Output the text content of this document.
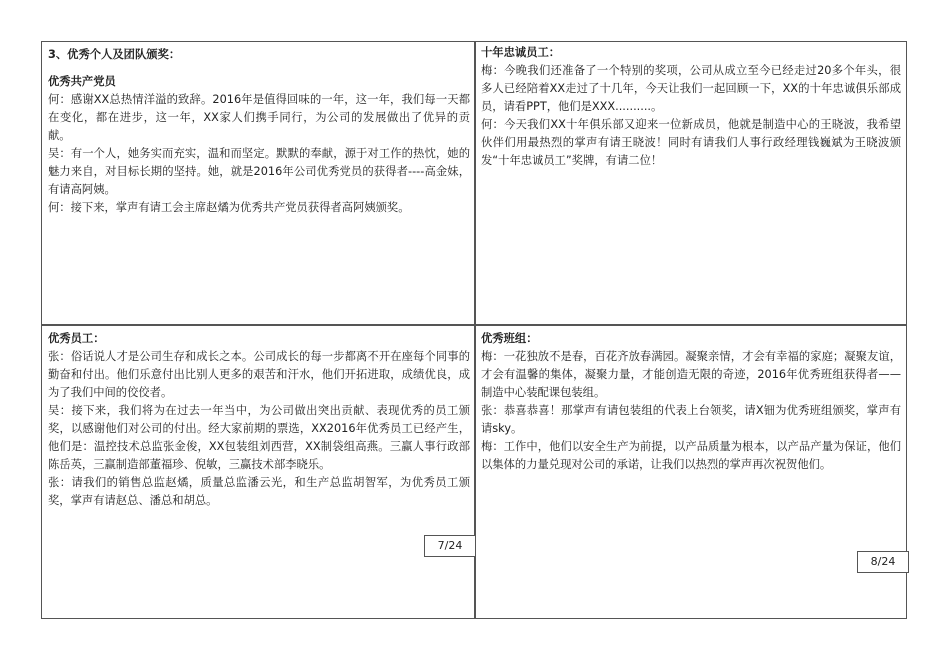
3、优秀个人及团队颁奖：

优秀共产党员

何：感谢XX总热情洋溢的致辞。2016年是值得回味的一年，这一年，我们每一天都在变化，都在进步，这一年，XX家人们携手同行，为公司的发展做出了优异的贡献。

吴：有一个人，她务实而充实，温和而坚定。默默的奉献，源于对工作的热忱，她的魅力来自，对目标长期的坚持。她，就是2016年公司优秀党员的获得者----高金妹，有请高阿姨。

何：接下来，掌声有请工会主席赵燏为优秀共产党员获得者高阿姨颁奖。

十年忠诚员工：

梅：今晚我们还准备了一个特别的奖项，公司从成立至今已经走过20多个年头，很多人已经陪着XX走过了十几年，今天让我们一起回顾一下，XX的十年忠诚俱乐部成员，请看PPT，他们是XXX..........。

何：今天我们XX十年俱乐部又迎来一位新成员，他就是制造中心的王晓波，我希望伙伴们用最热烈的掌声有请王晓波！同时有请我们人事行政经理钱巍斌为王晓波颁发“十年忠诚员工”奖牌，有请二位！

优秀员工：

张：俗话说人才是公司生存和成长之本。公司成长的每一步都离不开在座每个同事的勤奋和付出。他们乐意付出比别人更多的艰苦和汗水，他们开拓进取，成绩优良，成为了我们中间的佼佼者。

吴：接下来，我们将为在过去一年当中，为公司做出突出贡献、表现优秀的员工颁奖，以感谢他们对公司的付出。经大家前期的票选，XX2016年优秀员工已经产生，他们是：温控技术总监张金俊，XX包装组刘西营，XX制袋组高燕。三赢人事行政部陈岳英，三赢制造部董福珍、倪敏，三赢技术部李晓乐。

张：请我们的销售总监赵燏，质量总监潘云光，和生产总监胡智军，为优秀员工颁奖，掌声有请赵总、潘总和胡总。

优秀班组：

梅：一花独放不是春，百花齐放春满园。凝聚亲情，才会有幸福的家庭；凝聚友谊，才会有温馨的集体，凝聚力量，才能创造无限的奇迹，2016年优秀班组获得者——制造中心装配课包装组。

张：恭喜恭喜！那掌声有请包装组的代表上台领奖，请X钿为优秀班组颁奖，掌声有请sky。

梅：工作中，他们以安全生产为前提，以产品质量为根本，以产品产量为保证，他们以集体的力量兑现对公司的承诺，让我们以热烈的掌声再次祝贺他们。

7/24
8/24
